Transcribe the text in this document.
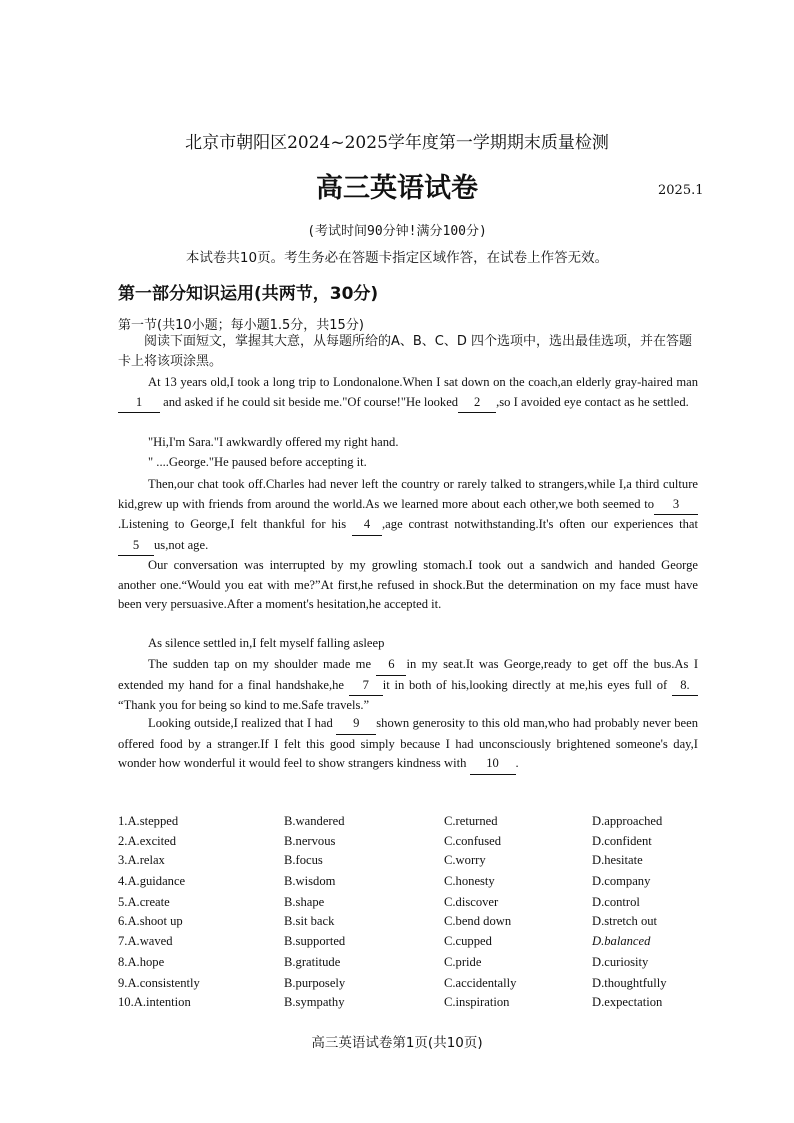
北京市朝阳区2024~2025学年度第一学期期末质量检测
高三英语试卷	2025.1
(考试时间90分钟!满分100分)
本试卷共10页。考生务必在答题卡指定区域作答，在试卷上作答无效。
第一部分知识运用(共两节，30分)
第一节(共10小题；每小题1.5分，共15分)
阅读下面短文，掌握其大意，从每题所给的A、B、C、D 四个选项中，选出最佳选项，并在答题卡上将该项涂黑。
At 13 years old,I took a long trip to Londonalone.When I sat down on the coach,an elderly gray-haired man 1 and asked if he could sit beside me."Of course!"He looked 2 ,so I avoided eye contact as he settled.
"Hi,I'm Sara."I awkwardly offered my right hand.
" ....George."He paused before accepting it.
Then,our chat took off.Charles had never left the country or rarely talked to strangers,while I,a third culture kid,grew up with friends from around the world.As we learned more about each other,we both seemed to 3.Listening to George,I felt thankful for his 4 ,age contrast notwithstanding.It's often our experiences that 5 us,not age.
Our conversation was interrupted by my growling stomach.I took out a sandwich and handed George another one.“Would you eat with me?”At first,he refused in shock.But the determination on my face must have been very persuasive.After a moment's hesitation,he accepted it.
As silence settled in,I felt myself falling asleep
The sudden tap on my shoulder made me 6 in my seat.It was George,ready to get off the bus.As I extended my hand for a final handshake,he 7 it in both of his,looking directly at me,his eyes full of 8. “Thank you for being so kind to me.Safe travels.”
Looking outside,I realized that I had 9 shown generosity to this old man,who had probably never been offered food by a stranger.If I felt this good simply because I had unconsciously brightened someone's day,I wonder how wonderful it would feel to show strangers kindness with 10 .
1.A.stepped	B.wandered	C.returned	D.approached
2.A.excited	B.nervous	C.confused	D.confident
3.A.relax	B.focus	C.worry	D.hesitate
4.A.guidance	B.wisdom	C.honesty	D.company
5.A.create	B.shape	C.discover	D.control
6.A.shoot up	B.sit back	C.bend down	D.stretch out
7.A.waved	B.supported	C.cupped	D.balanced
8.A.hope	B.gratitude	C.pride	D.curiosity
9.A.consistently	B.purposely	C.accidentally	D.thoughtfully
10.A.intention	B.sympathy	C.inspiration	D.expectation
高三英语试卷第1页(共10页)
